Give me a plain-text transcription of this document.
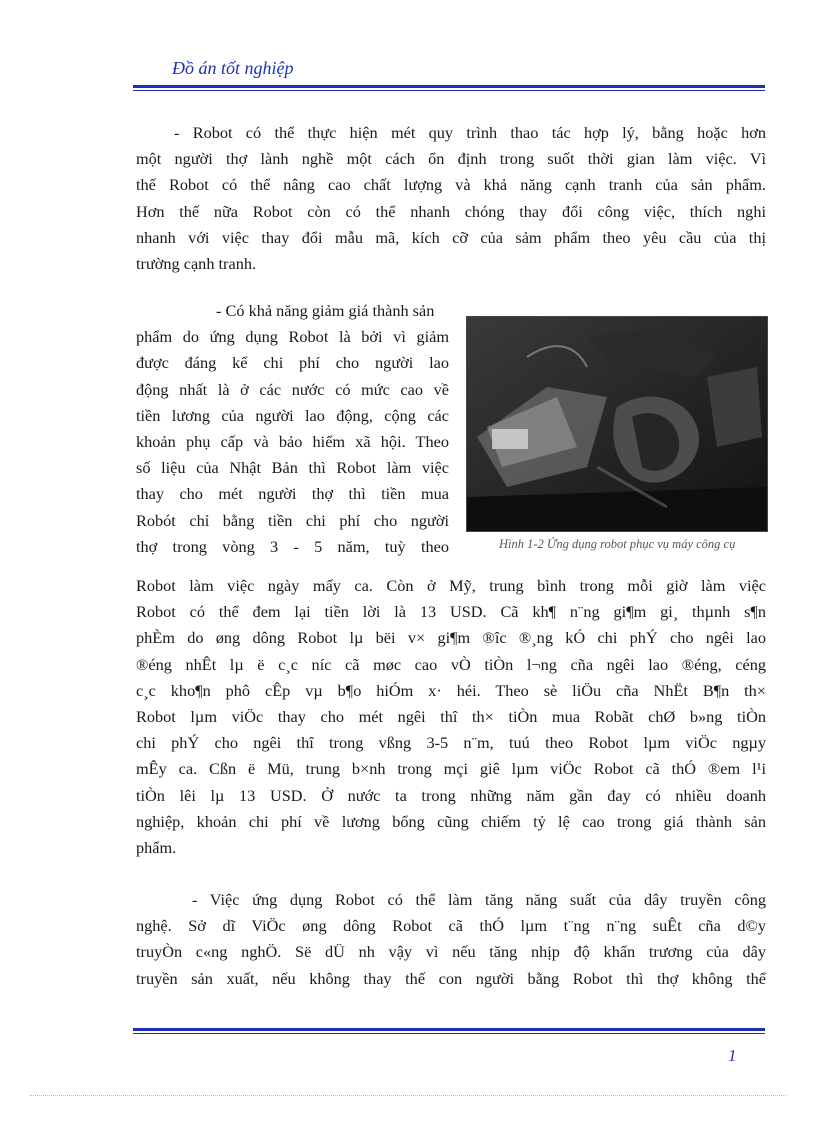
Đồ án tốt nghiệp
- Robot có thể thực hiện mét quy trình thao tác hợp lý, bằng hoặc hơn
một người thợ lành nghề một cách ổn định trong suốt thời gian làm việc. Vì
thế Robot có thể nâng cao chất lượng và khả năng cạnh tranh của sản phẩm.
Hơn thế nữa Robot còn có thể nhanh chóng thay đổi công việc, thích nghi
nhanh với việc thay đổi mẫu mã, kích cỡ của sảm phẩm theo yêu cầu của thị
trường cạnh tranh.
- Có khả năng giảm giá thành sản
phẩm do ứng dụng Robot là bởi vì giảm
được đáng kể chi phí cho người lao
động nhất là ở các nước có mức cao về
tiền lương của người lao động, cộng các
khoản phụ cấp và bảo hiểm xã hội. Theo
số liệu của Nhật Bản thì Robot làm việc
thay cho mét người thợ thì tiền mua
Robót chỉ bằng tiền chi phí cho người
thợ trong vòng 3 - 5 năm, tuỳ theo	Hình 1-2 Ứng dụng robot phục vụ máy công cụ
Robot làm việc ngày mấy ca. Còn ở Mỹ, trung bình trong mỗi giờ làm việc
Robot có thể đem lại tiền lời là 13 USD. Cã kh¶ n¨ng gi¶m gi¸ thµnh s¶n
phÈm do øng dông Robot lµ bëi v× gi¶m ®îc ®¸ng kÓ chi phÝ cho ngêi lao
®éng nhÊt lµ ë c¸c níc cã møc cao vÒ tiÒn l¬ng cña ngêi lao ®éng, céng
c¸c kho¶n phô cÊp vµ b¶o hiÓm x· héi. Theo sè liÖu cña NhËt B¶n th×
Robot lµm viÖc thay cho mét ngêi thî th× tiÒn mua Robãt chØ b»ng tiÒn
chi phÝ cho ngêi thî trong vßng 3-5 n¨m, tuú theo Robot lµm viÖc ngµy
mÊy ca. Cßn ë Mü, trung b×nh trong mçi giê lµm viÖc Robot cã thÓ ®em l¹i
tiÒn lêi lµ 13 USD. Ở nước ta trong những năm gần đay có nhiều doanh
nghiệp, khoản chi phí về lương bổng cũng chiếm tỷ lệ cao trong giá thành sản
phẩm.
- Việc ứng dụng Robot có thể làm tăng năng suất của dây truyền công
nghệ. Sở dĩ ViÖc øng dông Robot cã thÓ lµm t¨ng n¨ng suÊt cña d©y
truyÒn c«ng nghÖ. Së dÜ nh vậy vì nếu tăng nhịp độ khẩn trương của dây
truyền sản xuất, nếu không thay thế con người bằng Robot thì thợ không thể
1
